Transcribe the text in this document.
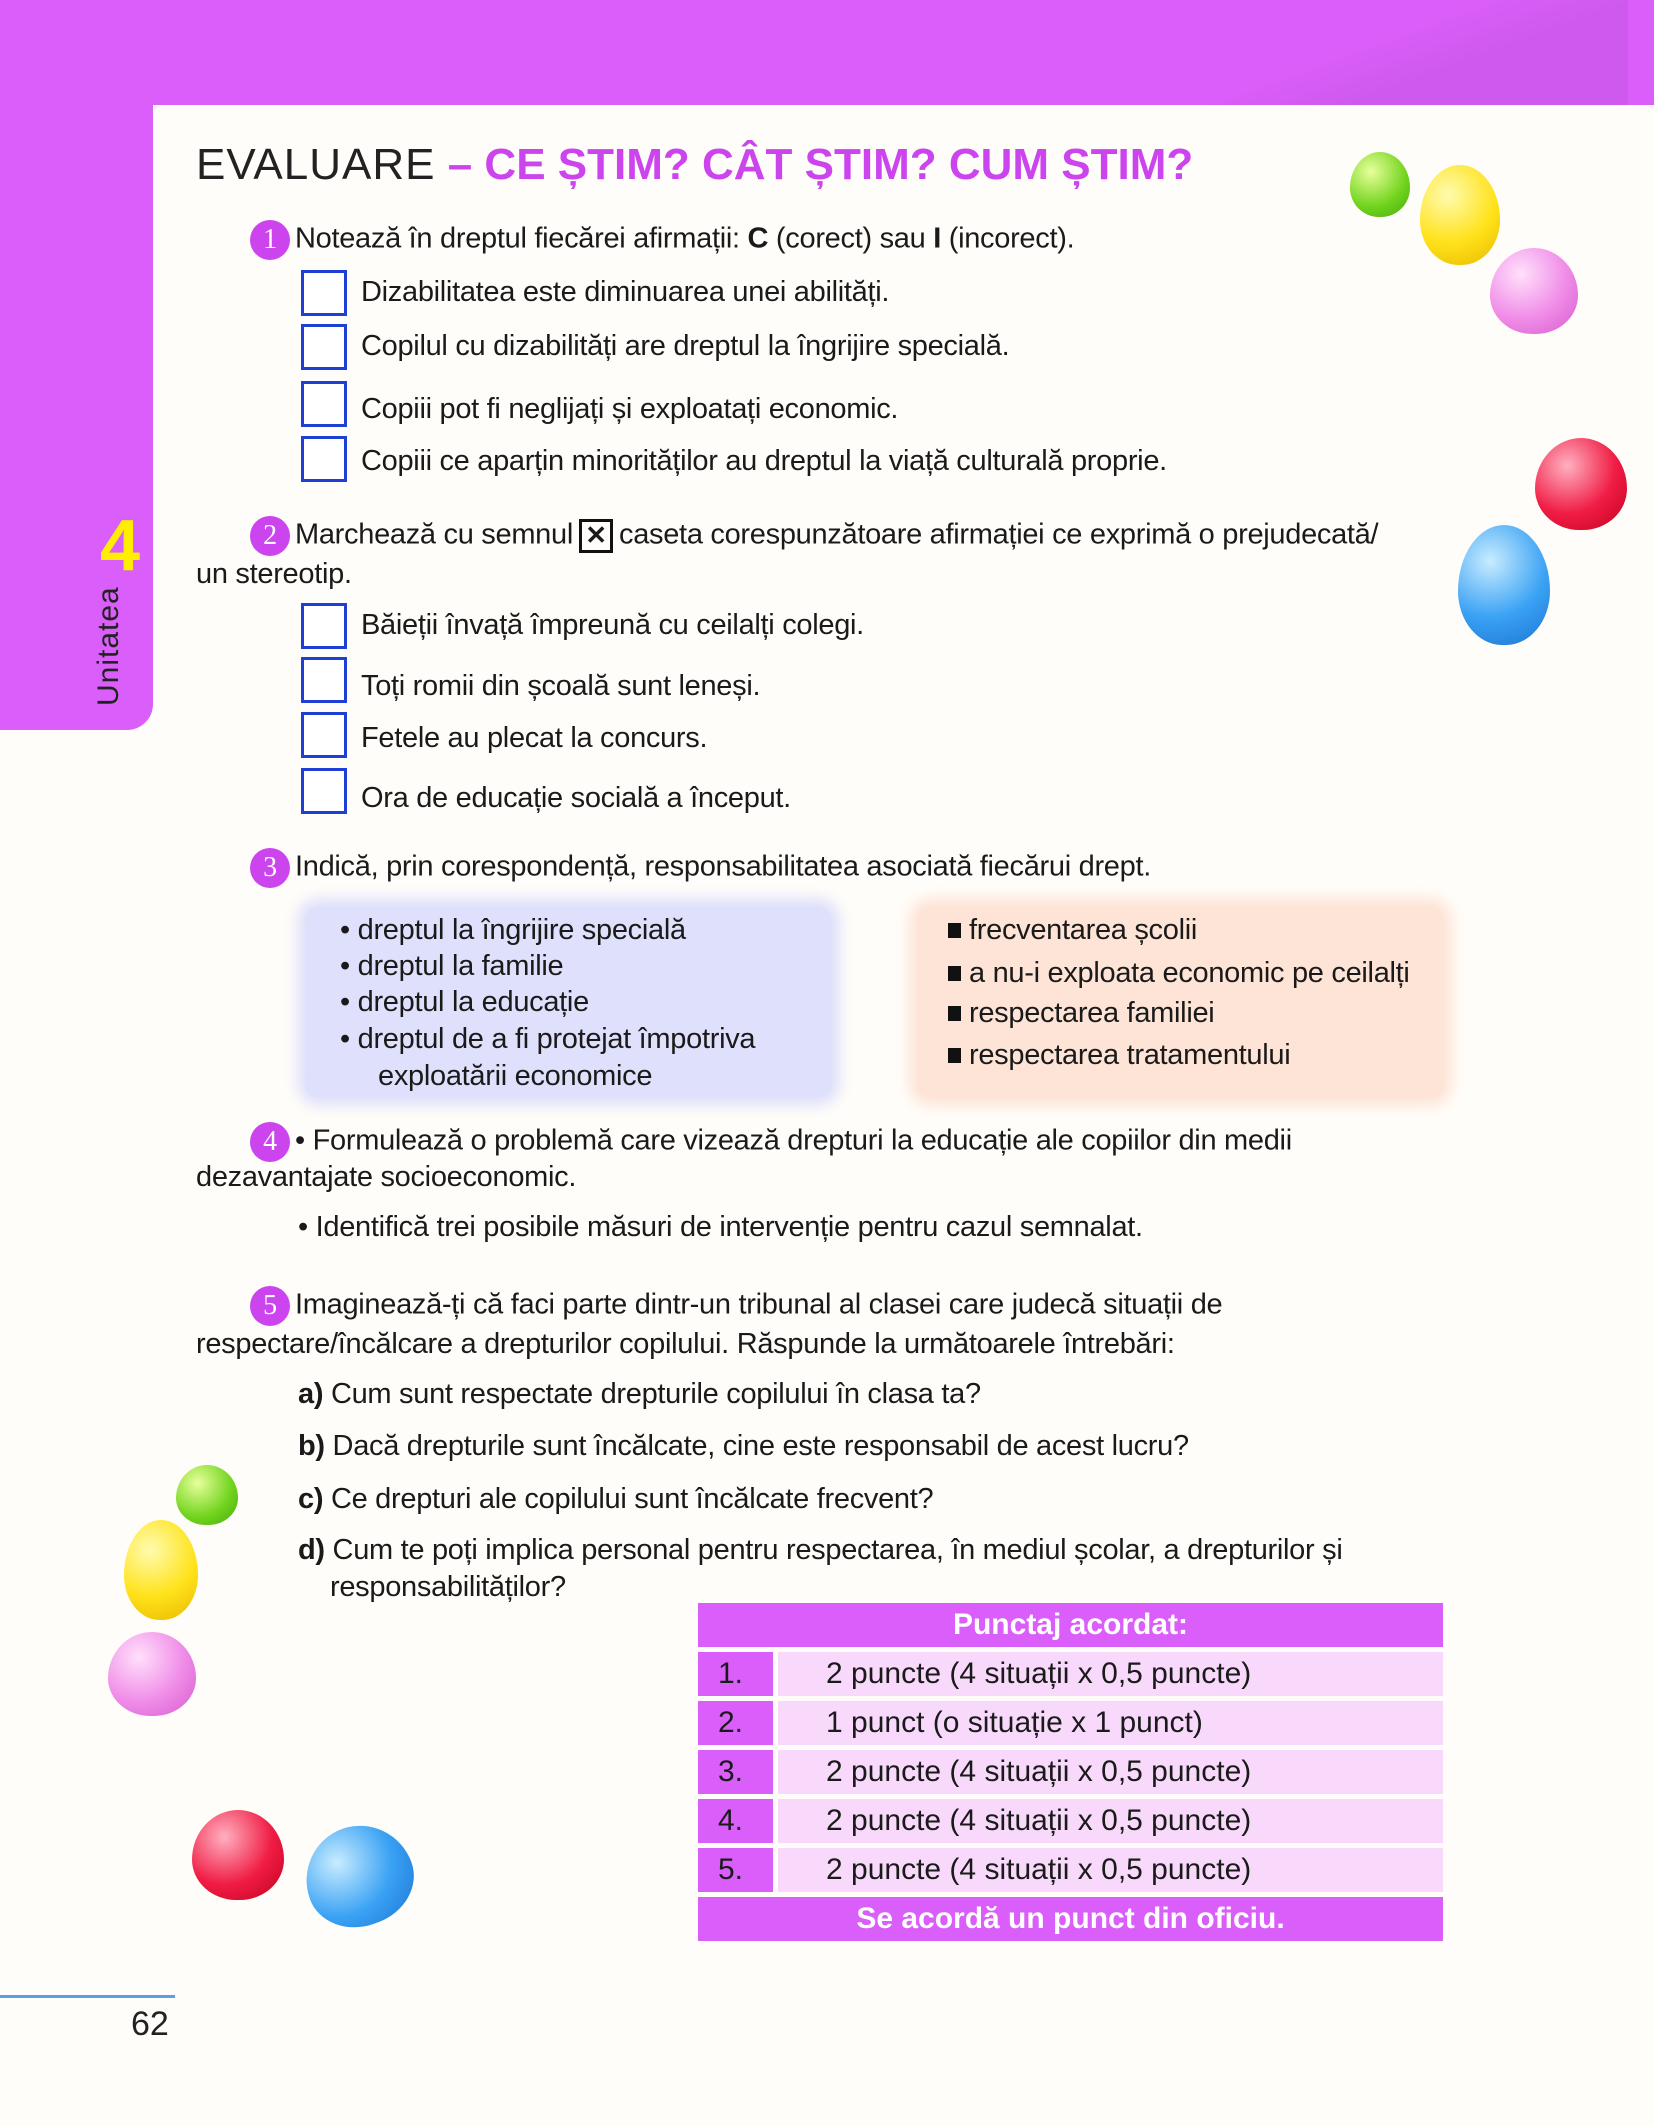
4
Unitatea
EVALUARE – CE ȘTIM? CÂT ȘTIM? CUM ȘTIM?
1 Notează în dreptul fiecărei afirmații: C (corect) sau I (incorect).
Dizabilitatea este diminuarea unei abilități.
Copilul cu dizabilități are dreptul la îngrijire specială.
Copiii pot fi neglijați și exploatați economic.
Copiii ce aparțin minorităților au dreptul la viață culturală proprie.
2 Marchează cu semnul ✕ caseta corespunzătoare afirmației ce exprimă o prejudecată/
un stereotip.
Băieții învață împreună cu ceilalți colegi.
Toți romii din școală sunt leneși.
Fetele au plecat la concurs.
Ora de educație socială a început.
3 Indică, prin corespondență, responsabilitatea asociată fiecărui drept.
• dreptul la îngrijire specială
• dreptul la familie
• dreptul la educație
• dreptul de a fi protejat împotriva
exploatării economice
frecventarea școlii
a nu-i exploata economic pe ceilalți
respectarea familiei
respectarea tratamentului
4 • Formulează o problemă care vizează drepturi la educație ale copiilor din medii
dezavantajate socioeconomic.
• Identifică trei posibile măsuri de intervenție pentru cazul semnalat.
5 Imaginează-ți că faci parte dintr-un tribunal al clasei care judecă situații de
respectare/încălcare a drepturilor copilului. Răspunde la următoarele întrebări:
a) Cum sunt respectate drepturile copilului în clasa ta?
b) Dacă drepturile sunt încălcate, cine este responsabil de acest lucru?
c) Ce drepturi ale copilului sunt încălcate frecvent?
d) Cum te poți implica personal pentru respectarea, în mediul școlar, a drepturilor și
responsabilităților?
Punctaj acordat:
1.	2 puncte (4 situații x 0,5 puncte)
2.	1 punct (o situație x 1 punct)
3.	2 puncte (4 situații x 0,5 puncte)
4.	2 puncte (4 situații x 0,5 puncte)
5.	2 puncte (4 situații x 0,5 puncte)
Se acordă un punct din oficiu.
62
